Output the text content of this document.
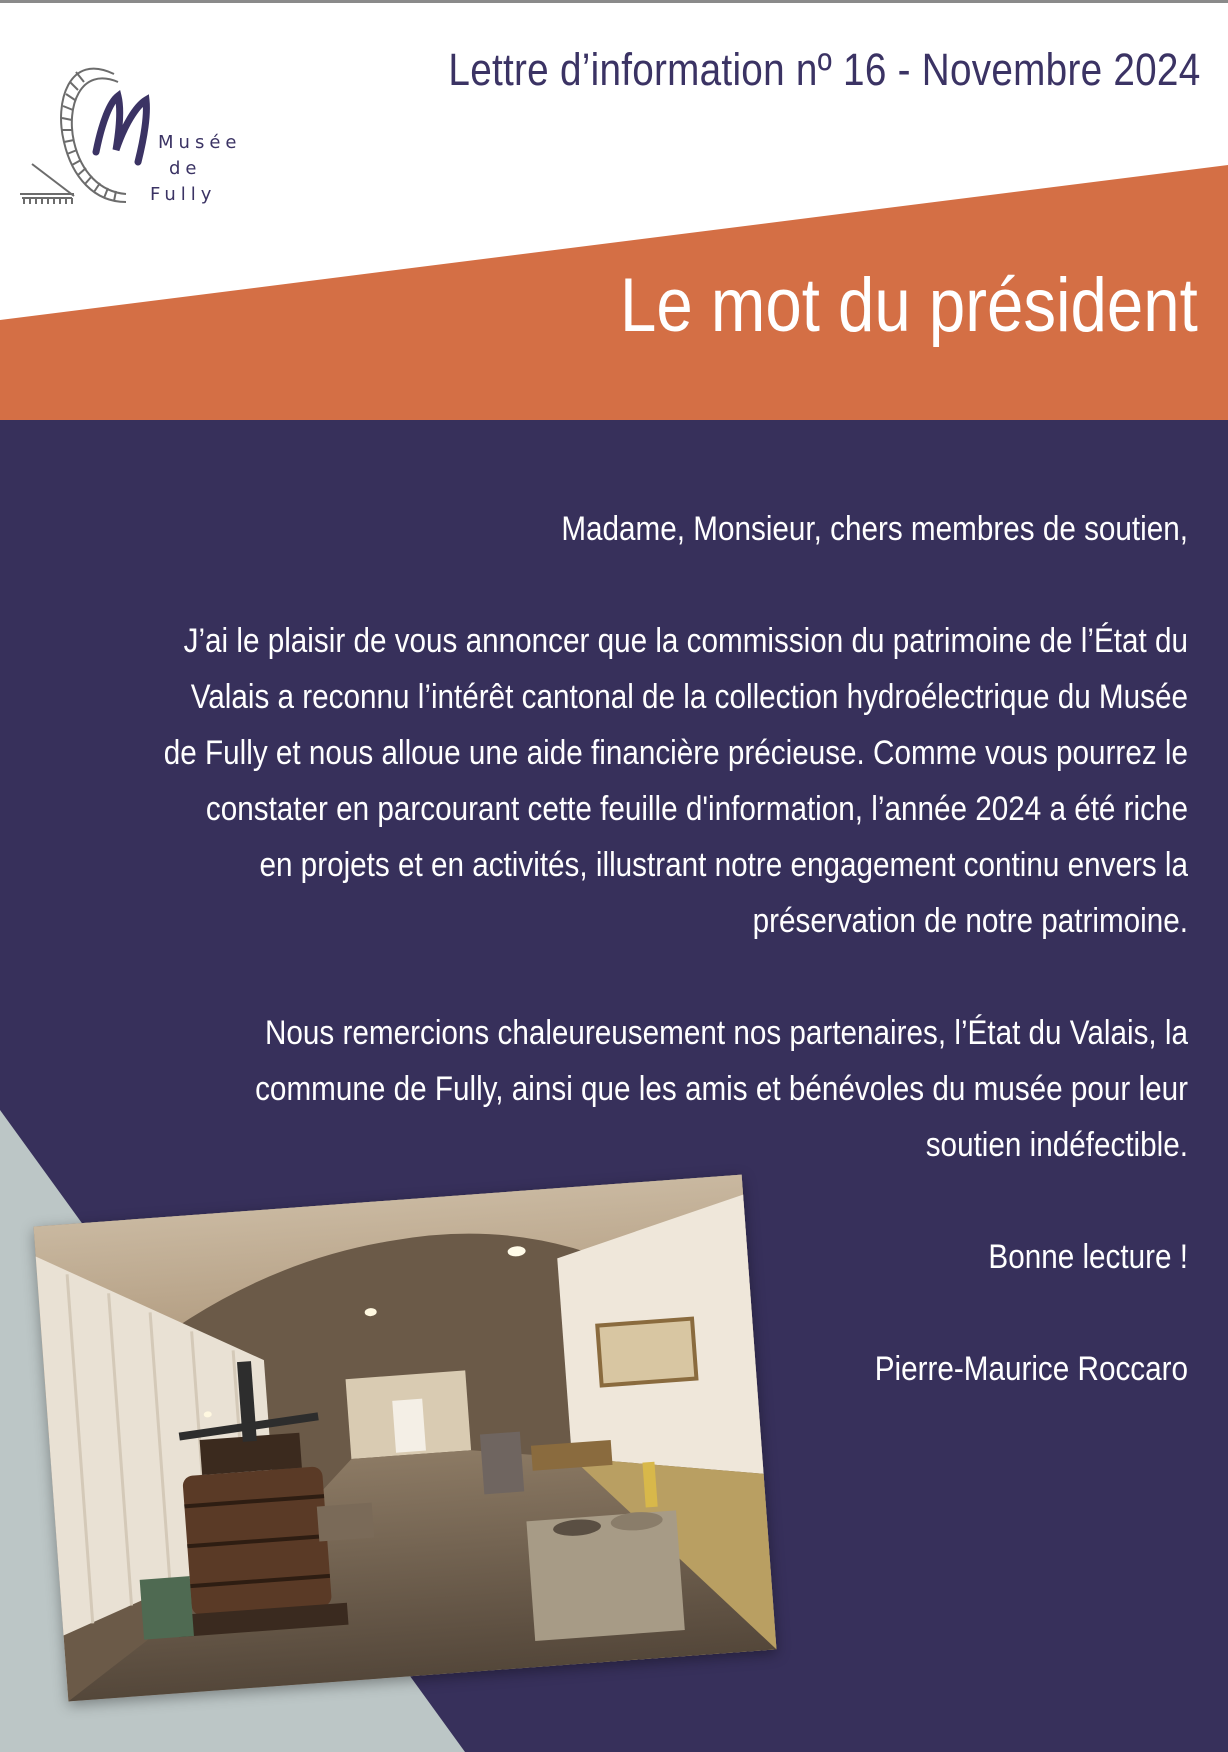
Musée
de
Fully
Lettre d’information nº 16 - Novembre 2024
Le mot du président

Madame, Monsieur, chers membres de soutien,

J’ai le plaisir de vous annoncer que la commission du patrimoine de l’État du
Valais a reconnu l’intérêt cantonal de la collection hydroélectrique du Musée
de Fully et nous alloue une aide financière précieuse. Comme vous pourrez le
constater en parcourant cette feuille d'information, l’année 2024 a été riche
en projets et en activités, illustrant notre engagement continu envers la
préservation de notre patrimoine.

Nous remercions chaleureusement nos partenaires, l’État du Valais, la
commune de Fully, ainsi que les amis et bénévoles du musée pour leur
soutien indéfectible.

Bonne lecture !

Pierre-Maurice Roccaro
